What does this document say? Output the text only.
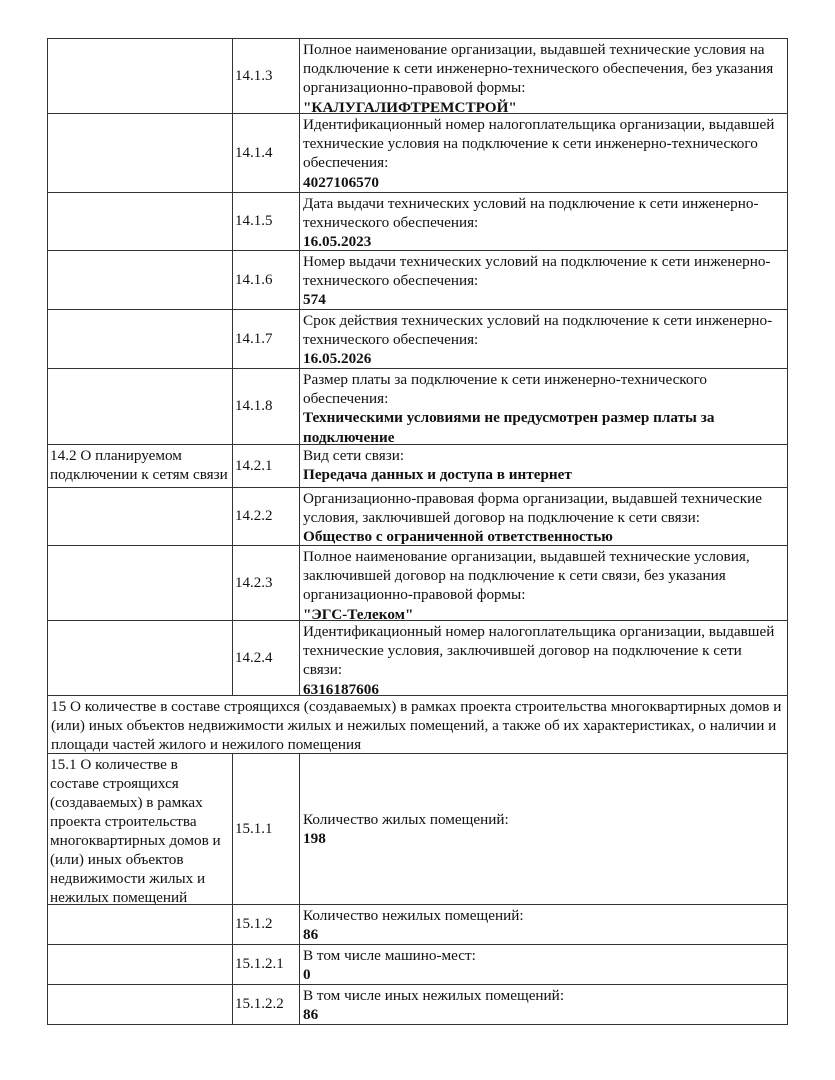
14.1.3
Полное наименование организации, выдавшей технические условия на подключение к сети инженерно-технического обеспечения, без указания организационно-правовой формы:
"КАЛУГАЛИФТРЕМСТРОЙ"
14.1.4
Идентификационный номер налогоплательщика организации, выдавшей технические условия на подключение к сети инженерно-технического обеспечения:
4027106570
14.1.5
Дата выдачи технических условий на подключение к сети инженерно-технического обеспечения:
16.05.2023
14.1.6
Номер выдачи технических условий на подключение к сети инженерно-технического обеспечения:
574
14.1.7
Срок действия технических условий на подключение к сети инженерно-технического обеспечения:
16.05.2026
14.1.8
Размер платы за подключение к сети инженерно-технического обеспечения:
Техническими условиями не предусмотрен размер платы за подключение
14.2 О планируемом подключении к сетям связи
14.2.1
Вид сети связи:
Передача данных и доступа в интернет
14.2.2
Организационно-правовая форма организации, выдавшей технические условия, заключившей договор на подключение к сети связи:
Общество с ограниченной ответственностью
14.2.3
Полное наименование организации, выдавшей технические условия, заключившей договор на подключение к сети связи, без указания организационно-правовой формы:
"ЭГС-Телеком"
14.2.4
Идентификационный номер налогоплательщика организации, выдавшей технические условия, заключившей договор на подключение к сети связи:
6316187606
15 О количестве в составе строящихся (создаваемых) в рамках проекта строительства многоквартирных домов и (или) иных объектов недвижимости жилых и нежилых помещений, а также об их характеристиках, о наличии и площади частей жилого и нежилого помещения
15.1 О количестве в составе строящихся (создаваемых) в рамках проекта строительства многоквартирных домов и (или) иных объектов недвижимости жилых и нежилых помещений
15.1.1
Количество жилых помещений:
198
15.1.2 Количество нежилых помещений:
86
15.1.2.1 В том числе машино-мест:
0
15.1.2.2 В том числе иных нежилых помещений:
86
